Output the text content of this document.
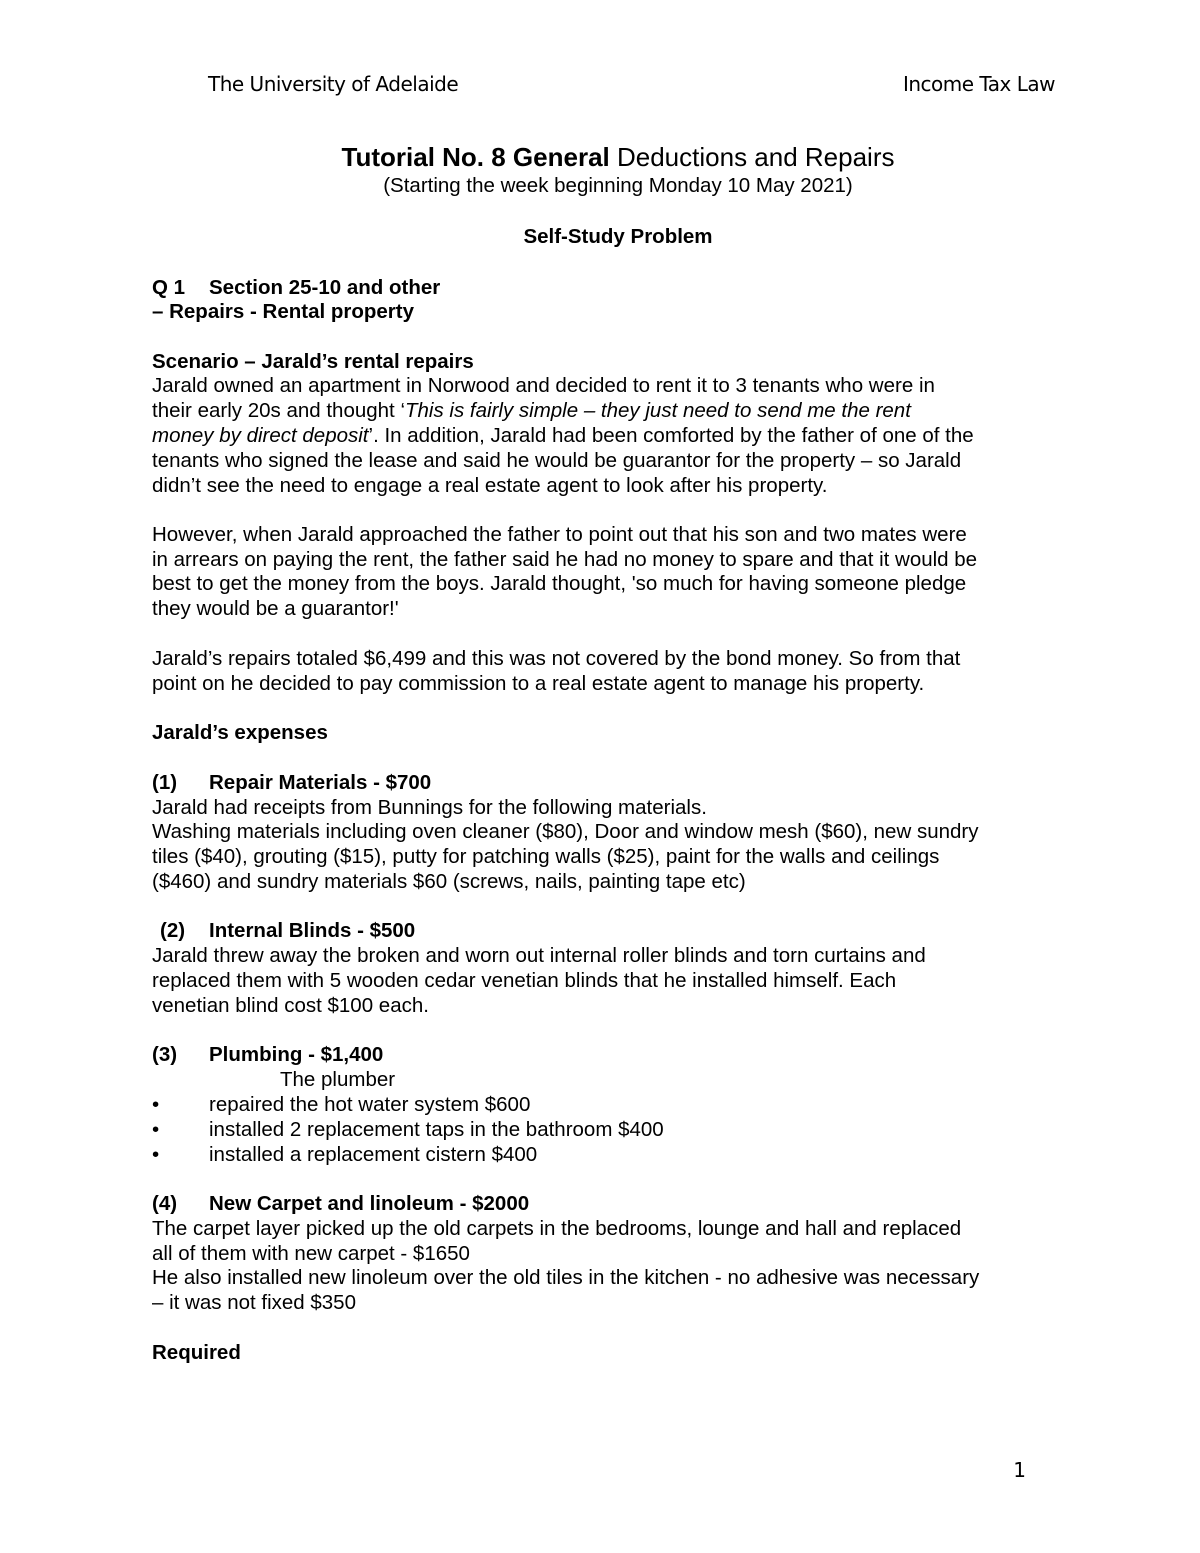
The University of Adelaide	Income Tax Law
Tutorial No. 8 General Deductions and Repairs
(Starting the week beginning Monday 10 May 2021)
Self-Study Problem
Q 1 Section 25-10 and other
– Repairs - Rental property
Scenario – Jarald’s rental repairs
Jarald owned an apartment in Norwood and decided to rent it to 3 tenants who were in
their early 20s and thought ‘This is fairly simple – they just need to send me the rent
money by direct deposit’. In addition, Jarald had been comforted by the father of one of the
tenants who signed the lease and said he would be guarantor for the property – so Jarald
didn’t see the need to engage a real estate agent to look after his property.
However, when Jarald approached the father to point out that his son and two mates were
in arrears on paying the rent, the father said he had no money to spare and that it would be
best to get the money from the boys. Jarald thought, 'so much for having someone pledge
they would be a guarantor!'
Jarald’s repairs totaled $6,499 and this was not covered by the bond money. So from that
point on he decided to pay commission to a real estate agent to manage his property.
Jarald’s expenses
(1) Repair Materials - $700
Jarald had receipts from Bunnings for the following materials.
Washing materials including oven cleaner ($80), Door and window mesh ($60), new sundry
tiles ($40), grouting ($15), putty for patching walls ($25), paint for the walls and ceilings
($460) and sundry materials $60 (screws, nails, painting tape etc)
(2) Internal Blinds - $500
Jarald threw away the broken and worn out internal roller blinds and torn curtains and
replaced them with 5 wooden cedar venetian blinds that he installed himself. Each
venetian blind cost $100 each.
(3) Plumbing - $1,400
The plumber
• repaired the hot water system $600
• installed 2 replacement taps in the bathroom $400
• installed a replacement cistern $400
(4) New Carpet and linoleum - $2000
The carpet layer picked up the old carpets in the bedrooms, lounge and hall and replaced
all of them with new carpet - $1650
He also installed new linoleum over the old tiles in the kitchen - no adhesive was necessary
– it was not fixed $350
Required
1
